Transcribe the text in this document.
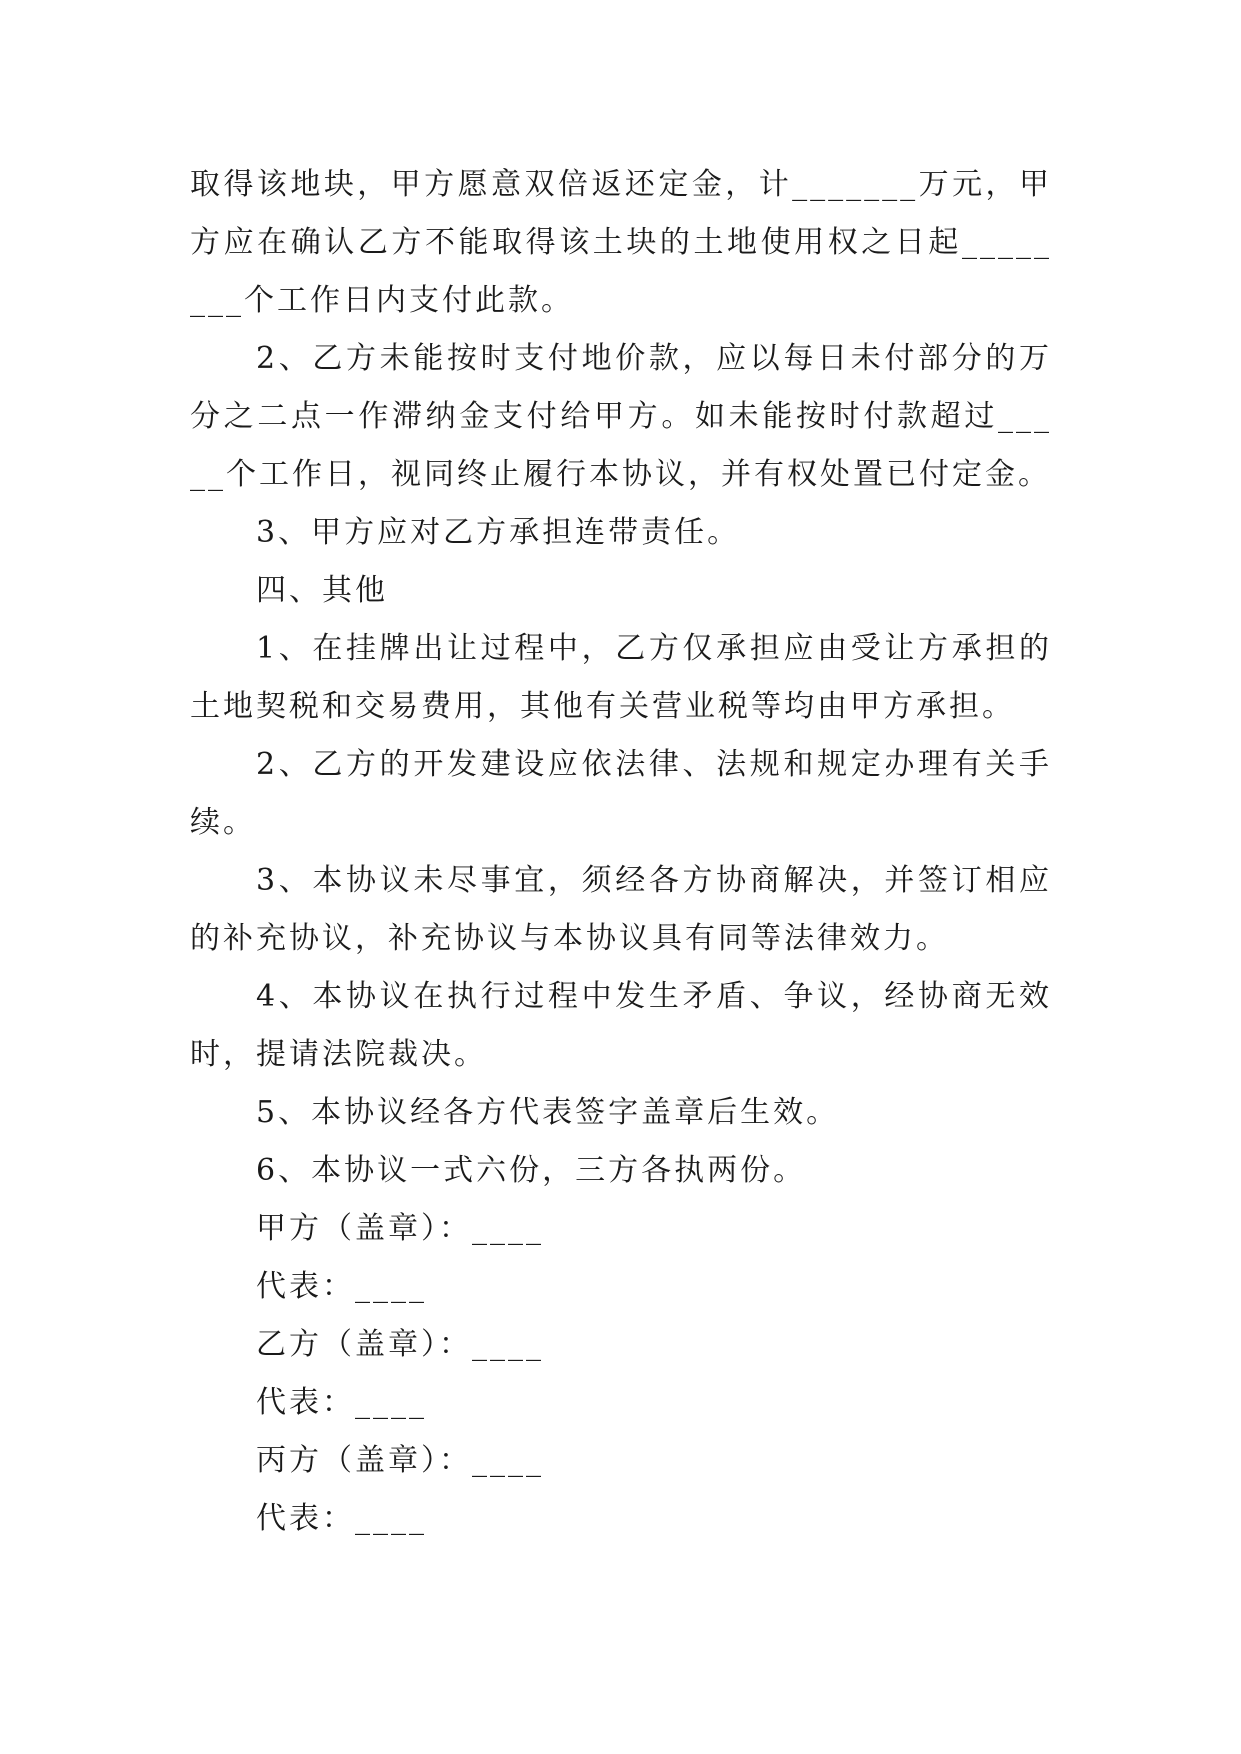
取得该地块，甲方愿意双倍返还定金，计_______万元，甲方应在确认乙方不能取得该土块的土地使用权之日起________个工作日内支付此款。

2、乙方未能按时支付地价款，应以每日未付部分的万分之二点一作滞纳金支付给甲方。如未能按时付款超过_____个工作日，视同终止履行本协议，并有权处置已付定金。

3、甲方应对乙方承担连带责任。

四、其他

1、在挂牌出让过程中，乙方仅承担应由受让方承担的土地契税和交易费用，其他有关营业税等均由甲方承担。

2、乙方的开发建设应依法律、法规和规定办理有关手续。

3、本协议未尽事宜，须经各方协商解决，并签订相应的补充协议，补充协议与本协议具有同等法律效力。

4、本协议在执行过程中发生矛盾、争议，经协商无效时，提请法院裁决。

5、本协议经各方代表签字盖章后生效。

6、本协议一式六份，三方各执两份。

甲方（盖章）：____

代表：____

乙方（盖章）：____

代表：____

丙方（盖章）：____

代表：____
